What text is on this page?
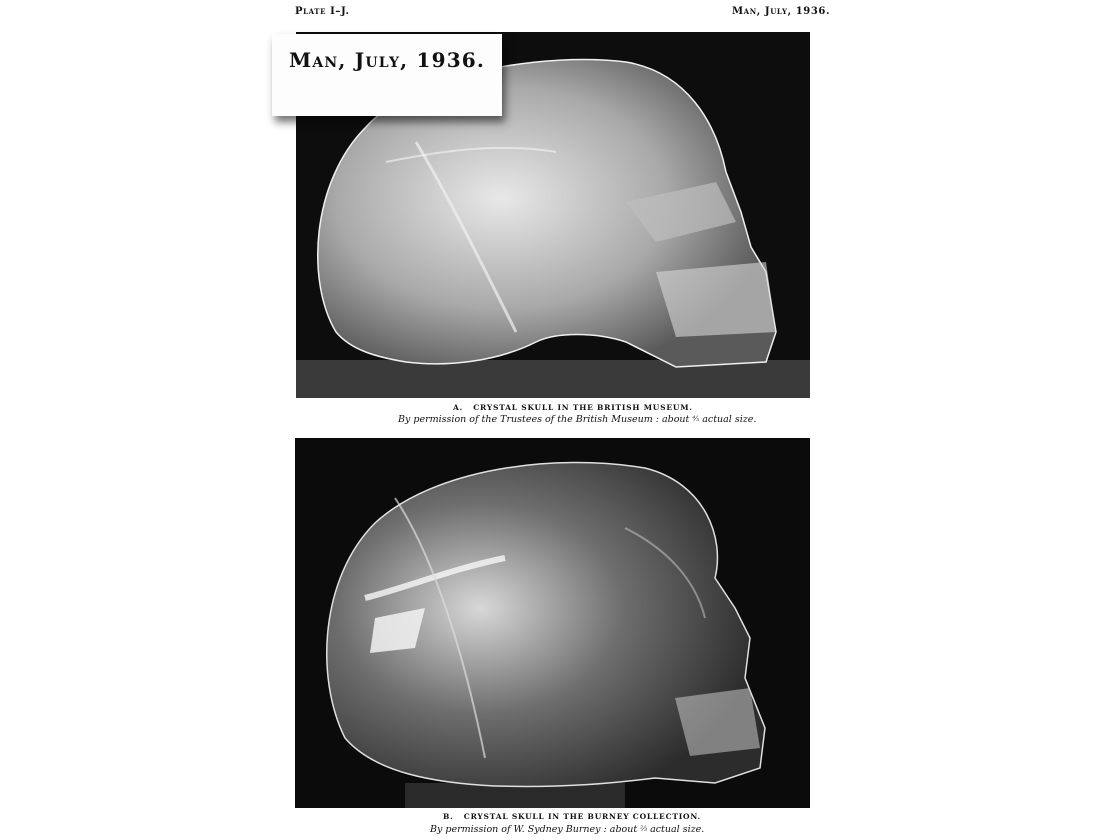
Plate I–J.	Man, July, 1936.
Man, July, 1936.
A. CRYSTAL SKULL IN THE BRITISH MUSEUM.
By permission of the Trustees of the British Museum : about ⅘ actual size.
B. CRYSTAL SKULL IN THE BURNEY COLLECTION.
By permission of W. Sydney Burney : about ⅔ actual size.
